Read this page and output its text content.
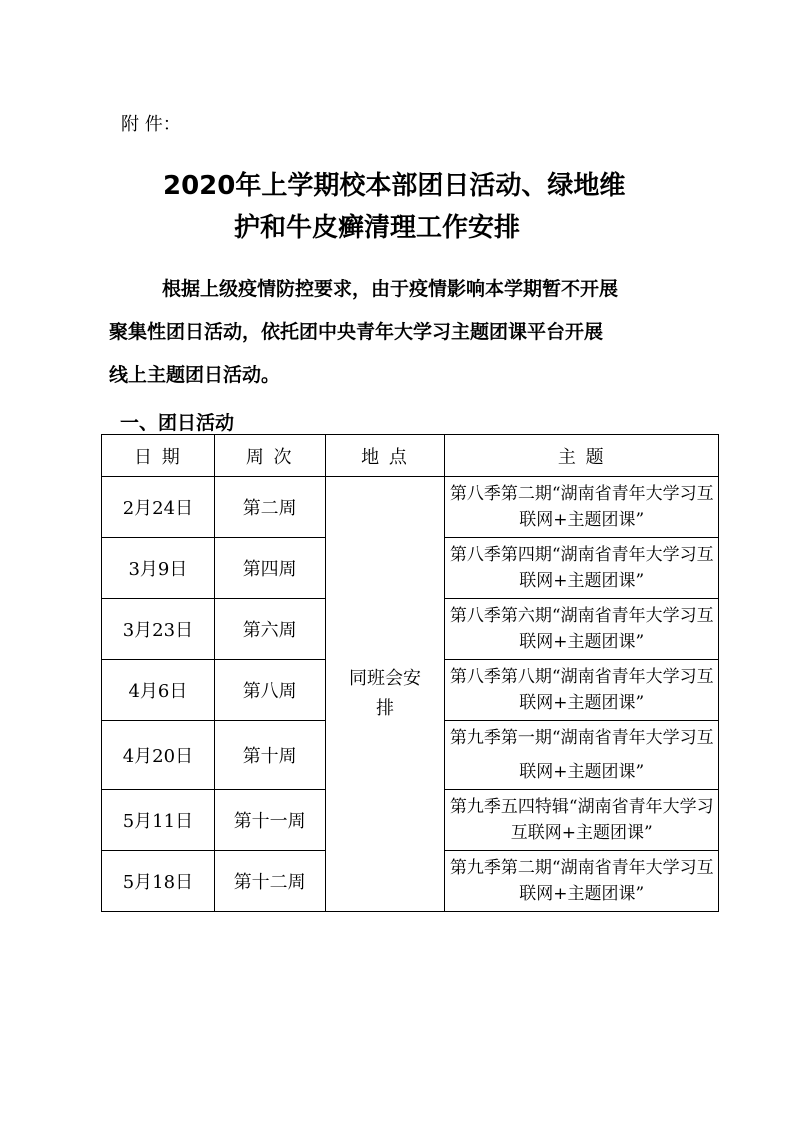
附 件：
2020年上学期校本部团日活动、绿地维
护和牛皮癣清理工作安排
根据上级疫情防控要求，由于疫情影响本学期暂不开展
聚集性团日活动，依托团中央青年大学习主题团课平台开展
线上主题团日活动。
一、团日活动
日 期	周 次	地 点	主 题
2月24日	第二周	同班会安排	第八季第二期“湖南省青年大学习互联网+主题团课”
3月9日	第四周		第八季第四期“湖南省青年大学习互联网+主题团课”
3月23日	第六周		第八季第六期“湖南省青年大学习互联网+主题团课”
4月6日	第八周		第八季第八期“湖南省青年大学习互联网+主题团课”
4月20日	第十周		第九季第一期“湖南省青年大学习互联网+主题团课”
5月11日	第十一周		第九季五四特辑“湖南省青年大学习互联网+主题团课”
5月18日	第十二周		第九季第二期“湖南省青年大学习互联网+主题团课”
